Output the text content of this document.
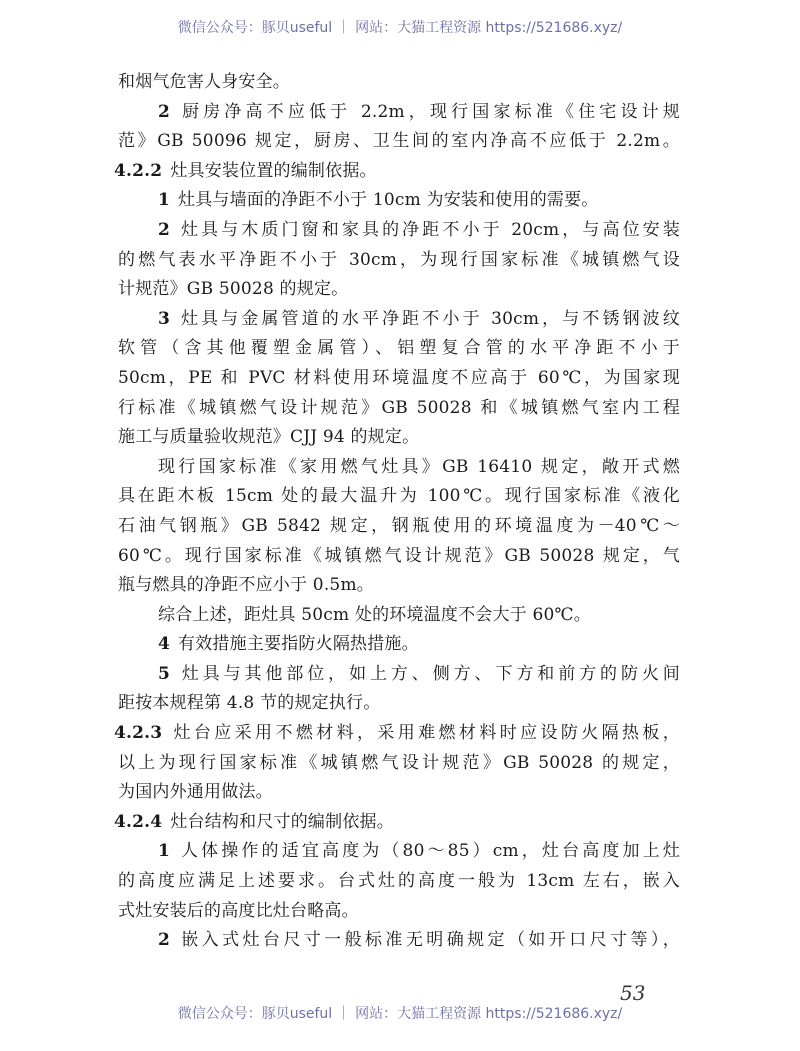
微信公众号：豚贝useful ｜ 网站：大猫工程资源 https://521686.xyz/
和烟气危害人身安全。
2 厨房净高不应低于 2.2m，现行国家标准《住宅设计规
范》GB 50096 规定，厨房、卫生间的室内净高不应低于 2.2m。
4.2.2 灶具安装位置的编制依据。
1 灶具与墙面的净距不小于 10cm 为安装和使用的需要。
2 灶具与木质门窗和家具的净距不小于 20cm，与高位安装
的燃气表水平净距不小于 30cm，为现行国家标准《城镇燃气设
计规范》GB 50028 的规定。
3 灶具与金属管道的水平净距不小于 30cm，与不锈钢波纹
软管（含其他覆塑金属管）、铝塑复合管的水平净距不小于
50cm，PE 和 PVC 材料使用环境温度不应高于 60℃，为国家现
行标准《城镇燃气设计规范》GB 50028 和《城镇燃气室内工程
施工与质量验收规范》CJJ 94 的规定。
现行国家标准《家用燃气灶具》GB 16410 规定，敞开式燃
具在距木板 15cm 处的最大温升为 100℃。现行国家标准《液化
石油气钢瓶》GB 5842 规定，钢瓶使用的环境温度为－40℃～
60℃。现行国家标准《城镇燃气设计规范》GB 50028 规定，气
瓶与燃具的净距不应小于 0.5m。
综合上述，距灶具 50cm 处的环境温度不会大于 60℃。
4 有效措施主要指防火隔热措施。
5 灶具与其他部位，如上方、侧方、下方和前方的防火间
距按本规程第 4.8 节的规定执行。
4.2.3 灶台应采用不燃材料，采用难燃材料时应设防火隔热板，
以上为现行国家标准《城镇燃气设计规范》GB 50028 的规定，
为国内外通用做法。
4.2.4 灶台结构和尺寸的编制依据。
1 人体操作的适宜高度为（80～85）cm，灶台高度加上灶
的高度应满足上述要求。台式灶的高度一般为 13cm 左右，嵌入
式灶安装后的高度比灶台略高。
2 嵌入式灶台尺寸一般标准无明确规定（如开口尺寸等），
53
微信公众号：豚贝useful ｜ 网站：大猫工程资源 https://521686.xyz/
